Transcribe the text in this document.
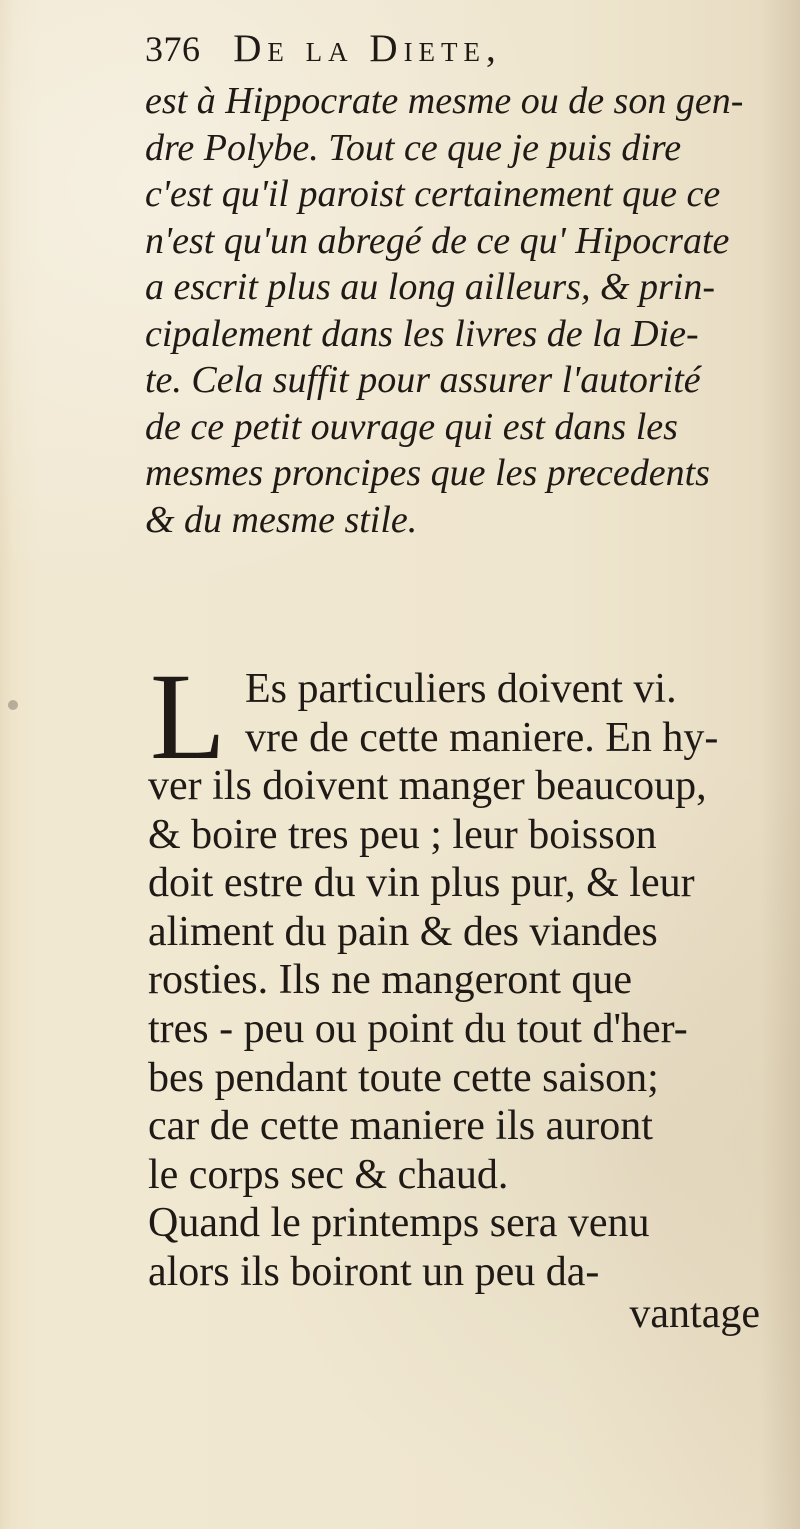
376 De la Diete,
est à Hippocrate mesme ou de son gen-
dre Polybe. Tout ce que je puis dire
c'est qu'il paroist certainement que ce
n'est qu'un abregé de ce qu' Hipocrate
a escrit plus au long ailleurs, & prin-
cipalement dans les livres de la Die-
te. Cela suffit pour assurer l'autorité
de ce petit ouvrage qui est dans les
mesmes proncipes que les precedents
& du mesme stile.
L Es particuliers doivent vi.
vre de cette maniere. En hy-
ver ils doivent manger beaucoup,
& boire tres peu ; leur boisson
doit estre du vin plus pur, & leur
aliment du pain & des viandes
rosties. Ils ne mangeront que
tres - peu ou point du tout d'her-
bes pendant toute cette saison;
car de cette maniere ils auront
le corps sec & chaud.
Quand le printemps sera venu
alors ils boiront un peu da-
vantage
